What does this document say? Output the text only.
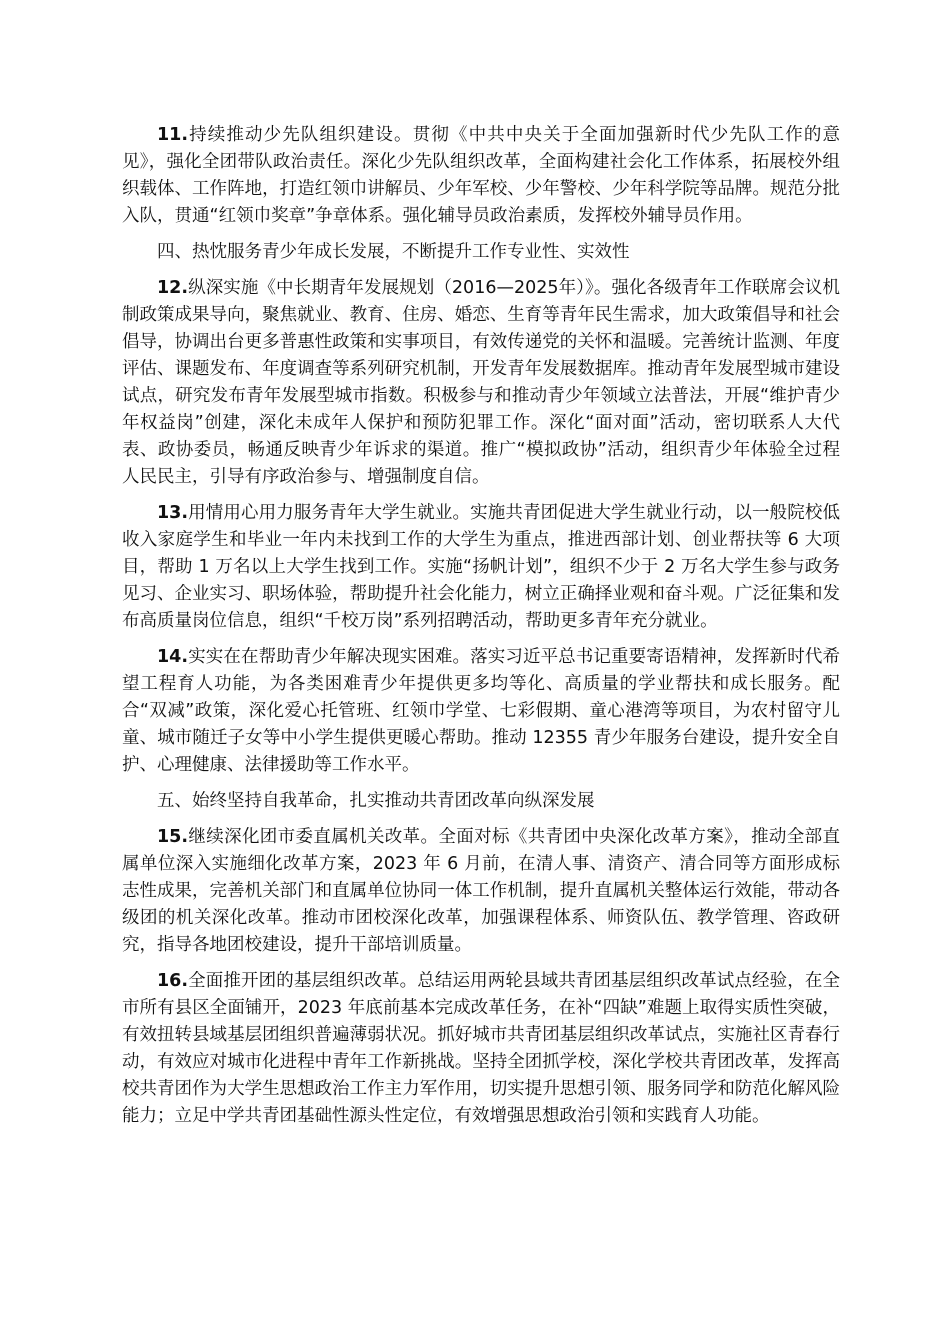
11.持续推动少先队组织建设。贯彻《中共中央关于全面加强新时代少先队工作的意见》，强化全团带队政治责任。深化少先队组织改革，全面构建社会化工作体系，拓展校外组织载体、工作阵地，打造红领巾讲解员、少年军校、少年警校、少年科学院等品牌。规范分批入队，贯通“红领巾奖章”争章体系。强化辅导员政治素质，发挥校外辅导员作用。

四、热忱服务青少年成长发展，不断提升工作专业性、实效性

12.纵深实施《中长期青年发展规划（2016—2025年）》。强化各级青年工作联席会议机制政策成果导向，聚焦就业、教育、住房、婚恋、生育等青年民生需求，加大政策倡导和社会倡导，协调出台更多普惠性政策和实事项目，有效传递党的关怀和温暖。完善统计监测、年度评估、课题发布、年度调查等系列研究机制，开发青年发展数据库。推动青年发展型城市建设试点，研究发布青年发展型城市指数。积极参与和推动青少年领域立法普法，开展“维护青少年权益岗”创建，深化未成年人保护和预防犯罪工作。深化“面对面”活动，密切联系人大代表、政协委员，畅通反映青少年诉求的渠道。推广“模拟政协”活动，组织青少年体验全过程人民民主，引导有序政治参与、增强制度自信。

13.用情用心用力服务青年大学生就业。实施共青团促进大学生就业行动，以一般院校低收入家庭学生和毕业一年内未找到工作的大学生为重点，推进西部计划、创业帮扶等 6 大项目，帮助 1 万名以上大学生找到工作。实施“扬帆计划”，组织不少于 2 万名大学生参与政务见习、企业实习、职场体验，帮助提升社会化能力，树立正确择业观和奋斗观。广泛征集和发布高质量岗位信息，组织“千校万岗”系列招聘活动，帮助更多青年充分就业。

14.实实在在帮助青少年解决现实困难。落实习近平总书记重要寄语精神，发挥新时代希望工程育人功能，为各类困难青少年提供更多均等化、高质量的学业帮扶和成长服务。配合“双减”政策，深化爱心托管班、红领巾学堂、七彩假期、童心港湾等项目，为农村留守儿童、城市随迁子女等中小学生提供更暖心帮助。推动 12355 青少年服务台建设，提升安全自护、心理健康、法律援助等工作水平。

五、始终坚持自我革命，扎实推动共青团改革向纵深发展

15.继续深化团市委直属机关改革。全面对标《共青团中央深化改革方案》，推动全部直属单位深入实施细化改革方案，2023 年 6 月前，在清人事、清资产、清合同等方面形成标志性成果，完善机关部门和直属单位协同一体工作机制，提升直属机关整体运行效能，带动各级团的机关深化改革。推动市团校深化改革，加强课程体系、师资队伍、教学管理、咨政研究，指导各地团校建设，提升干部培训质量。

16.全面推开团的基层组织改革。总结运用两轮县域共青团基层组织改革试点经验，在全市所有县区全面铺开，2023 年底前基本完成改革任务，在补“四缺”难题上取得实质性突破，有效扭转县域基层团组织普遍薄弱状况。抓好城市共青团基层组织改革试点，实施社区青春行动，有效应对城市化进程中青年工作新挑战。坚持全团抓学校，深化学校共青团改革，发挥高校共青团作为大学生思想政治工作主力军作用，切实提升思想引领、服务同学和防范化解风险能力；立足中学共青团基础性源头性定位，有效增强思想政治引领和实践育人功能。
